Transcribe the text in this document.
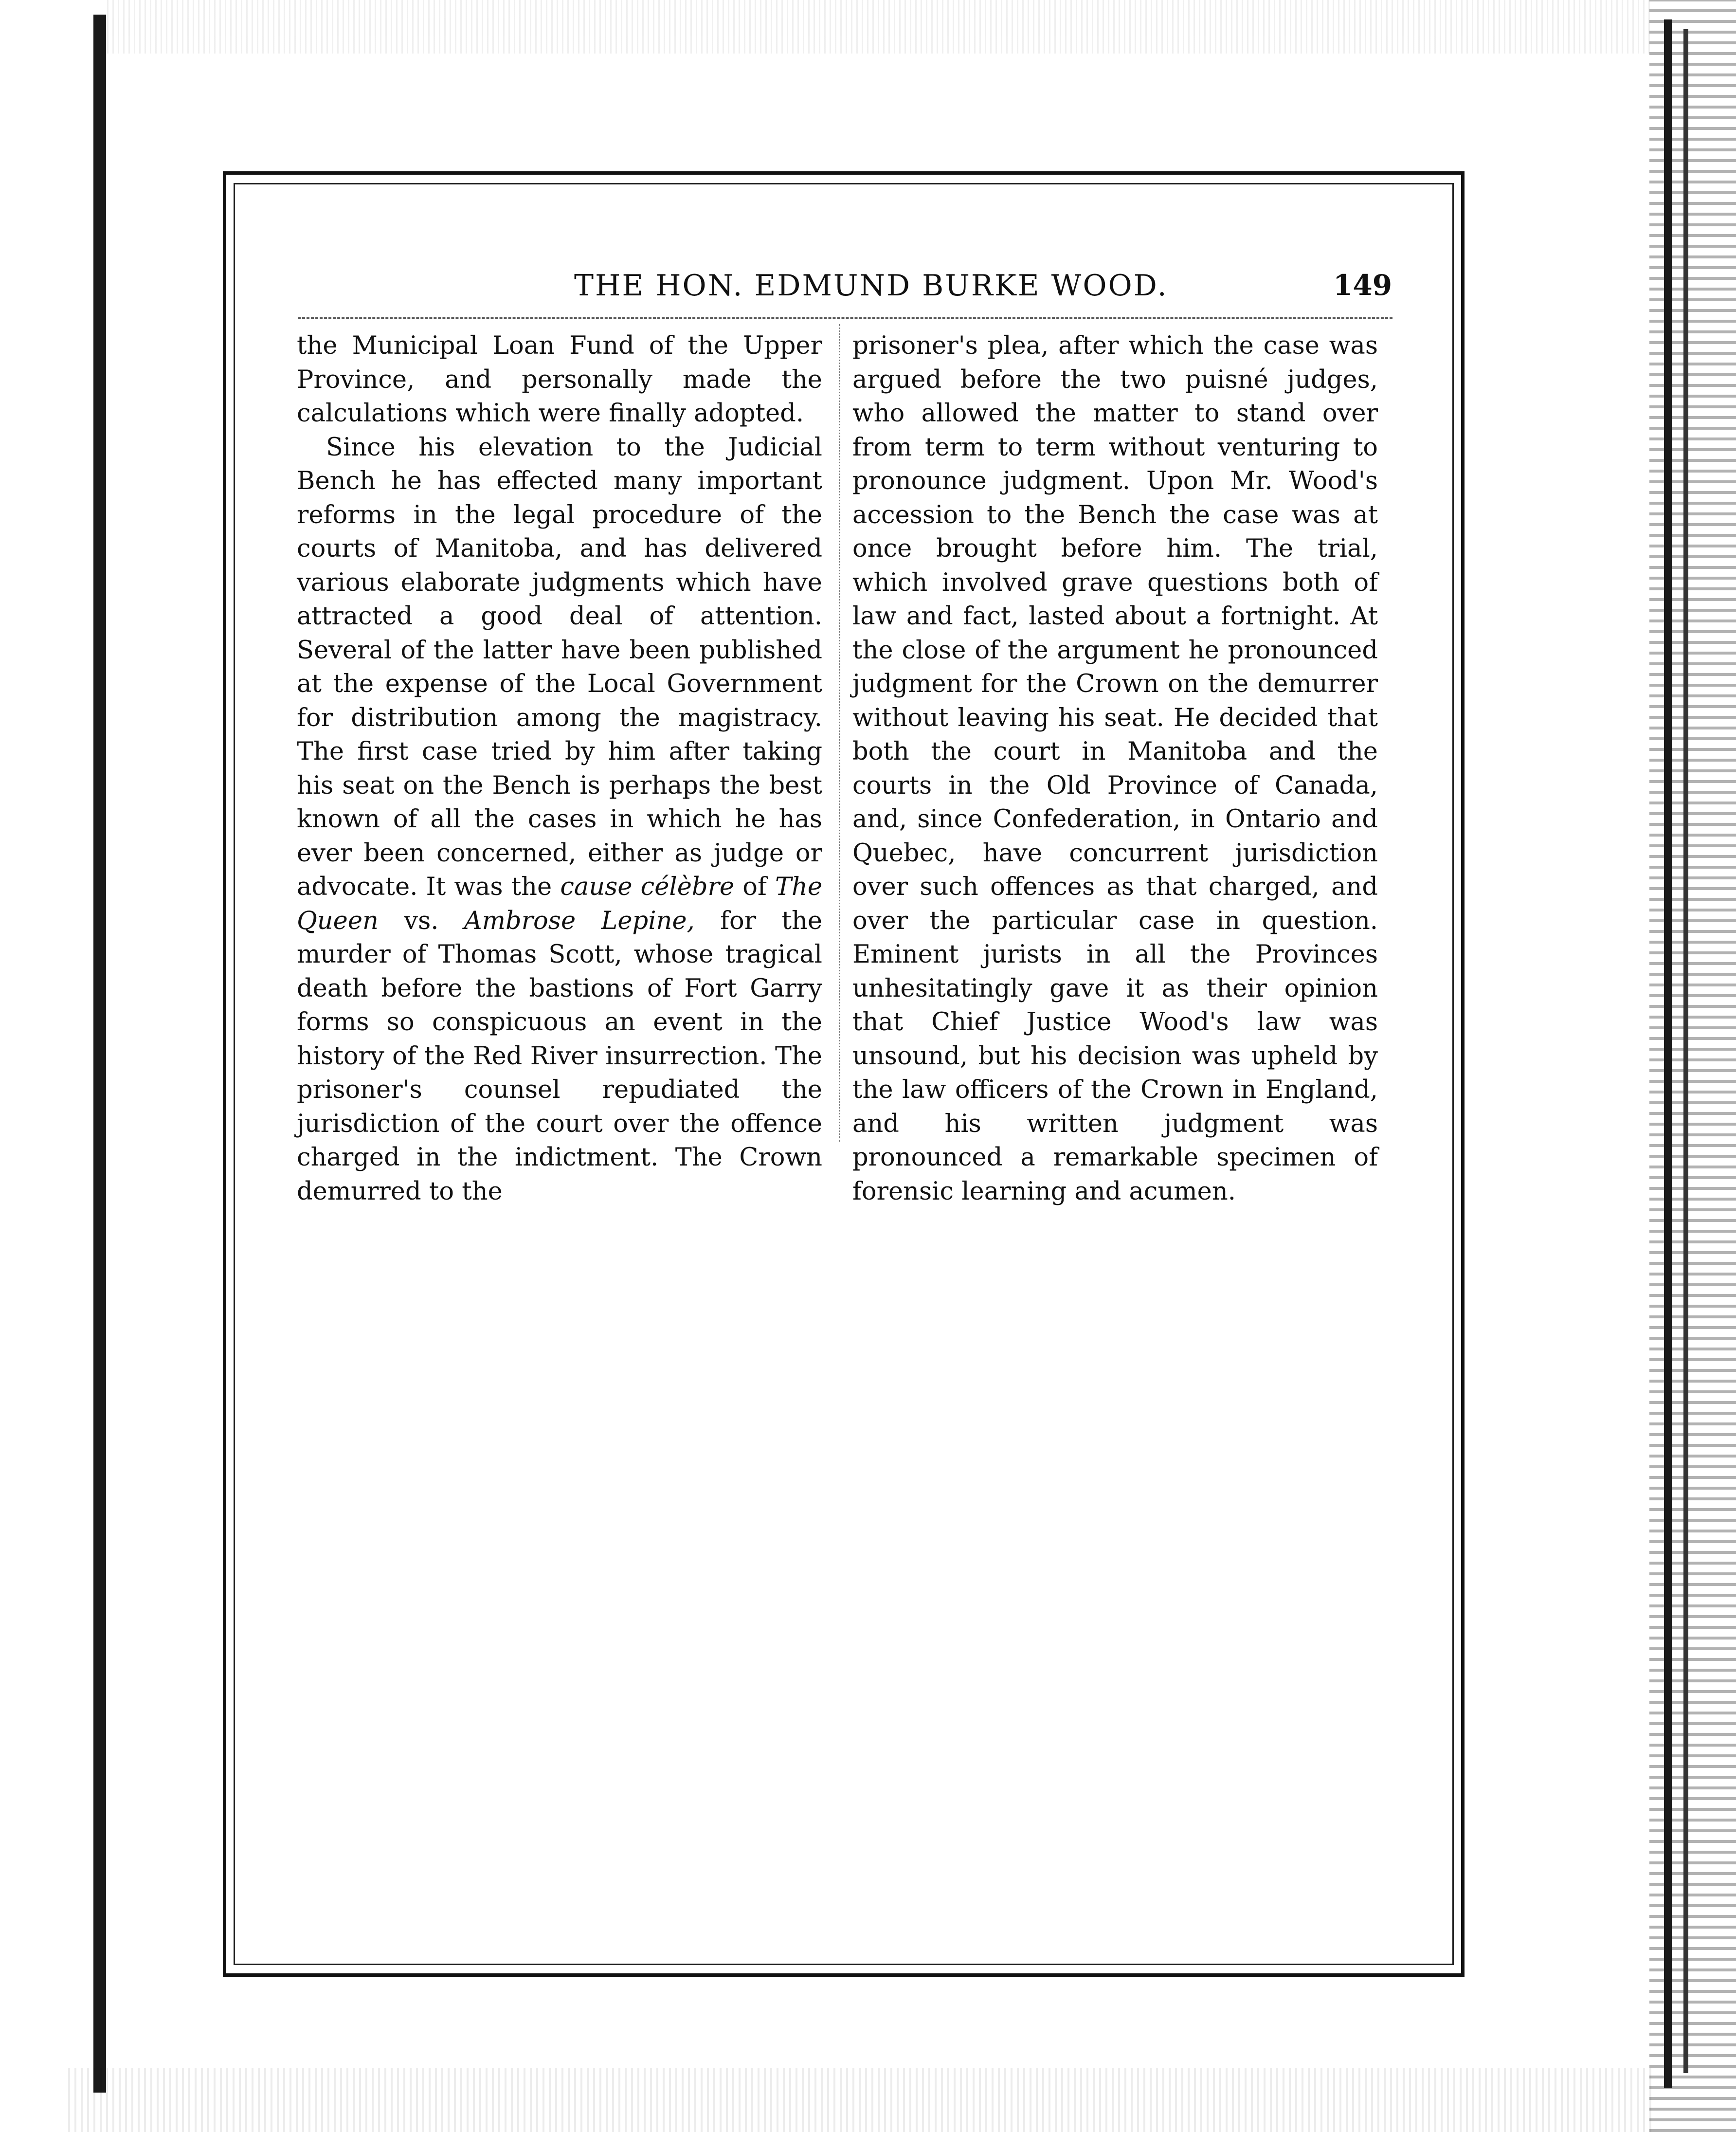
THE HON. EDMUND BURKE WOOD.	149

the Municipal Loan Fund of the Upper Province, and personally made the calculations which were finally adopted.

Since his elevation to the Judicial Bench he has effected many important reforms in the legal procedure of the courts of Manitoba, and has delivered various elaborate judgments which have attracted a good deal of attention. Several of the latter have been published at the expense of the Local Government for distribution among the magistracy. The first case tried by him after taking his seat on the Bench is perhaps the best known of all the cases in which he has ever been concerned, either as judge or advocate. It was the cause célèbre of The Queen vs. Ambrose Lepine, for the murder of Thomas Scott, whose tragical death before the bastions of Fort Garry forms so conspicuous an event in the history of the Red River insurrection. The prisoner's counsel repudiated the jurisdiction of the court over the offence charged in the indictment. The Crown demurred to the

prisoner's plea, after which the case was argued before the two puisné judges, who allowed the matter to stand over from term to term without venturing to pronounce judgment. Upon Mr. Wood's accession to the Bench the case was at once brought before him. The trial, which involved grave questions both of law and fact, lasted about a fortnight. At the close of the argument he pronounced judgment for the Crown on the demurrer without leaving his seat. He decided that both the court in Manitoba and the courts in the Old Province of Canada, and, since Confederation, in Ontario and Quebec, have concurrent jurisdiction over such offences as that charged, and over the particular case in question. Eminent jurists in all the Provinces unhesitatingly gave it as their opinion that Chief Justice Wood's law was unsound, but his decision was upheld by the law officers of the Crown in England, and his written judgment was pronounced a remarkable specimen of forensic learning and acumen.
